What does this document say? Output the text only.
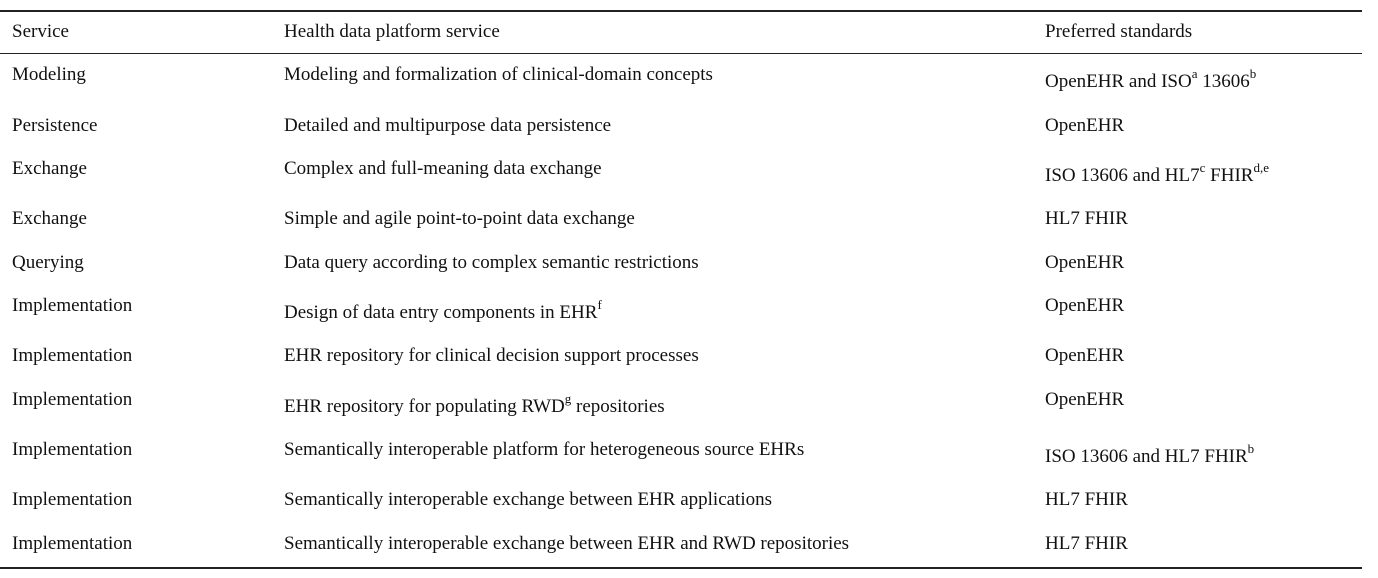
Service	Health data platform service	Preferred standards
Modeling	Modeling and formalization of clinical-domain concepts	OpenEHR and ISO$^a$ 13606$^b$
Persistence	Detailed and multipurpose data persistence	OpenEHR
Exchange	Complex and full-meaning data exchange	ISO 13606 and HL7$^c$ FHIR$^{d,e}$
Exchange	Simple and agile point-to-point data exchange	HL7 FHIR
Querying	Data query according to complex semantic restrictions	OpenEHR
Implementation	Design of data entry components in EHR$^f$	OpenEHR
Implementation	EHR repository for clinical decision support processes	OpenEHR
Implementation	EHR repository for populating RWD$^g$ repositories	OpenEHR
Implementation	Semantically interoperable platform for heterogeneous source EHRs	ISO 13606 and HL7 FHIR$^b$
Implementation	Semantically interoperable exchange between EHR applications	HL7 FHIR
Implementation	Semantically interoperable exchange between EHR and RWD repositories	HL7 FHIR
